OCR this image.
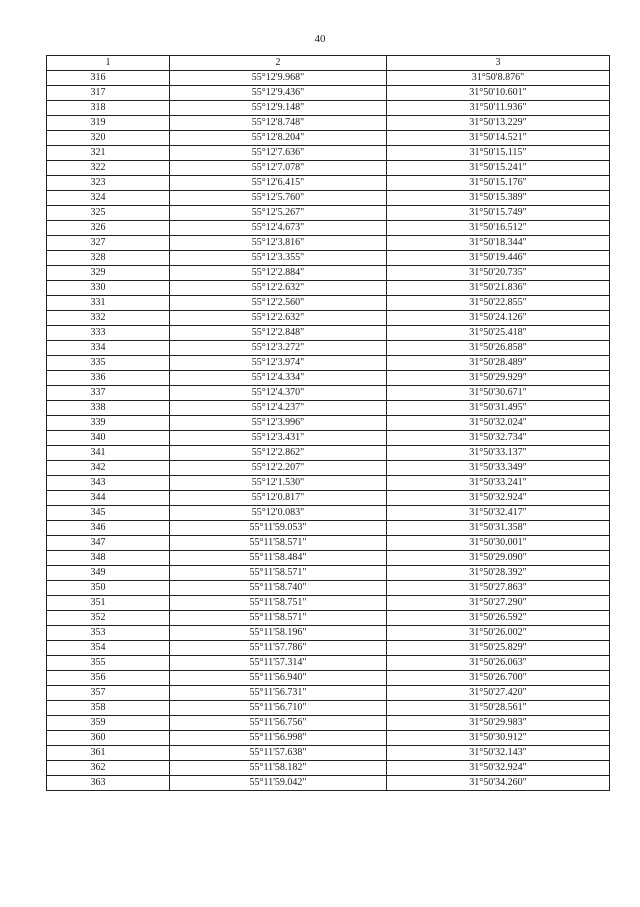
40
1	2	3
316	55°12'9.968"	31°50'8.876"
317	55°12'9.436"	31°50'10.601"
318	55°12'9.148"	31°50'11.936"
319	55°12'8.748"	31°50'13.229"
320	55°12'8.204"	31°50'14.521"
321	55°12'7.636"	31°50'15.115"
322	55°12'7.078"	31°50'15.241"
323	55°12'6.415"	31°50'15.176"
324	55°12'5.760"	31°50'15.389"
325	55°12'5.267"	31°50'15.749"
326	55°12'4.673"	31°50'16.512"
327	55°12'3.816"	31°50'18.344"
328	55°12'3.355"	31°50'19.446"
329	55°12'2.884"	31°50'20.735"
330	55°12'2.632"	31°50'21.836"
331	55°12'2.560"	31°50'22.855"
332	55°12'2.632"	31°50'24.126"
333	55°12'2.848"	31°50'25.418"
334	55°12'3.272"	31°50'26.858"
335	55°12'3.974"	31°50'28.489"
336	55°12'4.334"	31°50'29.929"
337	55°12'4.370"	31°50'30.671"
338	55°12'4.237"	31°50'31.495"
339	55°12'3.996"	31°50'32.024"
340	55°12'3.431"	31°50'32.734"
341	55°12'2.862"	31°50'33.137"
342	55°12'2.207"	31°50'33.349"
343	55°12'1.530"	31°50'33.241"
344	55°12'0.817"	31°50'32.924"
345	55°12'0.083"	31°50'32.417"
346	55°11'59.053"	31°50'31.358"
347	55°11'58.571"	31°50'30.001"
348	55°11'58.484"	31°50'29.090"
349	55°11'58.571"	31°50'28.392"
350	55°11'58.740"	31°50'27.863"
351	55°11'58.751"	31°50'27.290"
352	55°11'58.571"	31°50'26.592"
353	55°11'58.196"	31°50'26.002"
354	55°11'57.786"	31°50'25.829"
355	55°11'57.314"	31°50'26.063"
356	55°11'56.940"	31°50'26.700"
357	55°11'56.731"	31°50'27.420"
358	55°11'56.710"	31°50'28.561"
359	55°11'56.756"	31°50'29.983"
360	55°11'56.998"	31°50'30.912"
361	55°11'57.638"	31°50'32.143"
362	55°11'58.182"	31°50'32.924"
363	55°11'59.042"	31°50'34.260"
